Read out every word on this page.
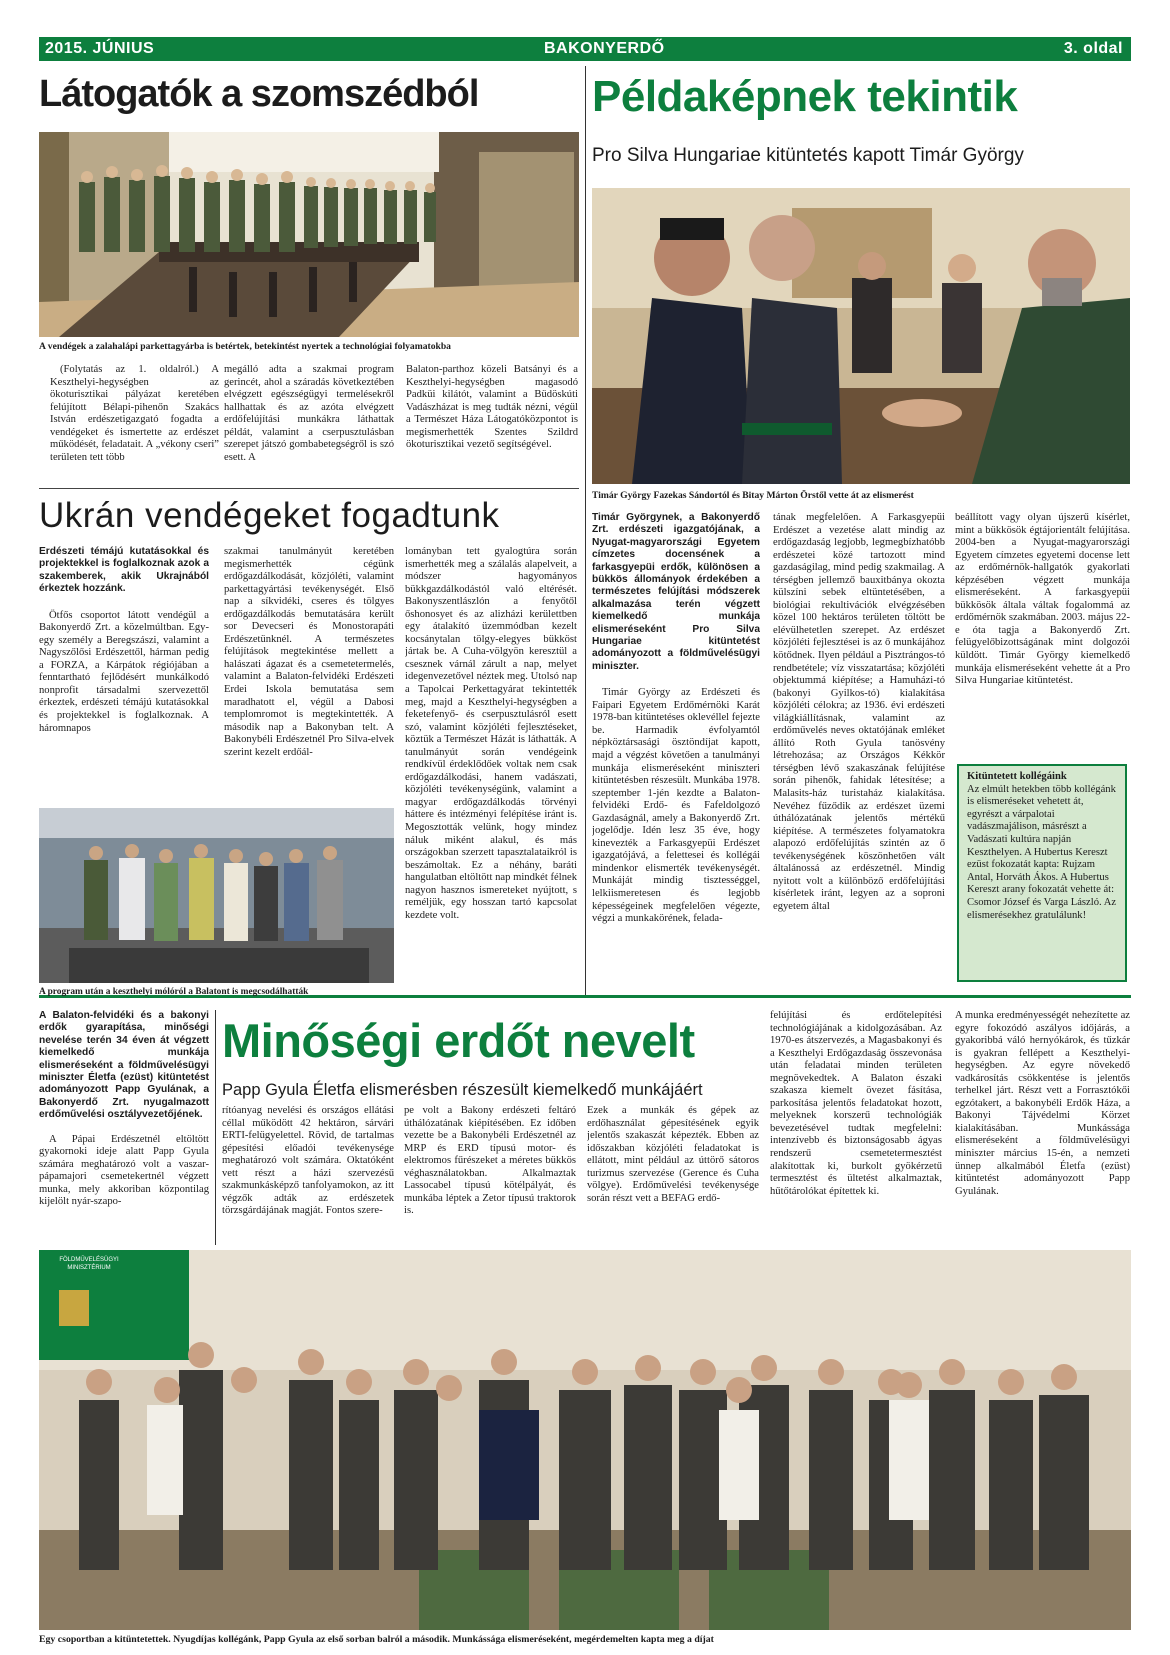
2015. JÚNIUS	BAKONYERDŐ	3. oldal
Látogatók a szomszédból
A vendégek a zalahalápi parkettagyárba is betértek, betekintést nyertek a technológiai folyamatokba
(Folytatás az 1. oldalról.) A Keszthelyi-hegységben az ökoturisztikai pályázat keretében felújított Bélapi-pihenőn Szakács István erdészetigazgató fogadta a vendégeket és ismertette az erdészet működését, feladatait. A „vékony cseri” területen tett több
megálló adta a szakmai program gerincét, ahol a száradás következtében elvégzett egészségügyi termelésekről hallhattak és az azóta elvégzett erdőfelújítási munkákra láthattak példát, valamint a cserpusztulásban szerepet játszó gombabetegségről is szó esett. A
Balaton-parthoz közeli Batsányi és a Keszthelyi-hegységben magasodó Padküi kilátót, valamint a Büdöskúti Vadászházat is meg tudták nézni, végül a Természet Háza Látogatóközpontot is megismerhették Szentes Szildrd ökoturisztikai vezető segítségével.
Ukrán vendégeket fogadtunk

Erdészeti témájú kutatásokkal és projektekkel is foglalkoznak azok a szakemberek, akik Ukrajnából érkeztek hozzánk.

Ötfős csoportot látott vendégül a Bakonyerdő Zrt. a közelmúltban. Egy-egy személy a Beregszászi, valamint a Nagyszőlősi Erdészettől, hárman pedig a FORZA, a Kárpátok régiójában a fenntartható fejlődésért munkálkodó nonprofit társadalmi szervezettől érkeztek, erdészeti témájú kutatásokkal és projektekkel is foglalkoznak. A háromnapos

szakmai tanulmányút keretében megismerhették cégünk erdőgazdálkodását, közjóléti, valamint parkettagyártási tevékenységét. Első nap a síkvidéki, cseres és tölgyes erdőgazdálkodás bemutatására került sor Devecseri és Monostorapáti Erdészetünknél. A természetes felújítások megtekintése mellett a halászati ágazat és a csemetetermelés, valamint a Balaton-felvidéki Erdészeti Erdei Iskola bemutatása sem maradhatott el, végül a Dabosi templomromot is megtekintették. A második nap a Bakonyban telt. A Bakonybéli Erdészetnél Pro Silva-elvek szerint kezelt erdőál-
lományban tett gyalogtúra során ismerhették meg a szálalás alapelveit, a módszer hagyományos bükkgazdálkodástól való eltérését. Bakonyszentlászlón a fenyőtől őshonosyet és az alizházi kerülettben egy átalakító üzemmódban kezelt kocsánytalan tölgy-elegyes bükköst jártak be. A Cuha-völgyön keresztül a csesznek várnál zárult a nap, melyet idegenvezetővel néztek meg. Utolsó nap a Tapolcai Perkettagyárat tekintették meg, majd a Keszthelyi-hegységben a feketefenyő- és cserpusztulásról esett szó, valamint közjóléti fejlesztéseket, köztük a Természet Házát is láthatták. A tanulmányút során vendégeink rendkívül érdeklődőek voltak nem csak erdőgazdálkodási, hanem vadászati, közjóléti tevékenységünk, valamint a magyar erdőgazdálkodás törvényi háttere és intézményi felépítése iránt is. Megosztották velünk, hogy mindez náluk miként alakul, és más országokban szerzett tapasztalataikról is beszámoltak. Ez a néhány, baráti hangulatban eltöltött nap mindkét félnek nagyon hasznos ismereteket nyújtott, s reméljük, egy hosszan tartó kapcsolat kezdete volt.
A program után a keszthelyi mólóról a Balatont is megcsodálhatták
Példaképnek tekintik
Pro Silva Hungariae kitüntetés kapott Timár György
Timár György Fazekas Sándortól és Bitay Márton Örstől vette át az elismerést

Timár Györgynek, a Bakonyerdő Zrt. erdészeti igazgatójának, a Nyugat-magyarországi Egyetem címzetes docensének a farkasgyepüi erdők, különösen a bükkös állományok érdekében a természetes felújítási módszerek alkalmazása terén végzett kiemelkedő munkája elismeréseként Pro Silva Hungariae kitüntetést adományozott a földművelésügyi miniszter.

Timár György az Erdészeti és Faipari Egyetem Erdőmérnöki Karát 1978-ban kitüntetéses oklevéllel fejezte be. Harmadik évfolyamtól népköztársasági ösztöndíjat kapott, majd a végzést követően a tanulmányi munkája elismeréseként miniszteri kitüntetésben részesült. Munkába 1978. szeptember 1-jén kezdte a Balaton-felvidéki Erdő- és Fafeldolgozó Gazdaságnál, amely a Bakonyerdő Zrt. jogelődje. Idén lesz 35 éve, hogy kinevezték a Farkasgyepüi Erdészet igazgatójává, a felettesei és kollégái mindenkor elismerték tevékenységét. Munkáját mindig tisztességgel, lelkiismeretesen és legjobb képességeinek megfelelően végezte, végzi a munkakörének, felada-

tának megfelelően. A Farkasgyepüi Erdészet a vezetése alatt mindig az erdőgazdaság legjobb, legmegbízhatóbb erdészetei közé tartozott mind gazdaságilag, mind pedig szakmailag. A térségben jellemző bauxitbánya okozta külszíni sebek eltüntetésében, a biológiai rekultivációk elvégzésében közel 100 hektáros területen töltött be elévülhetetlen szerepet. Az erdészet közjóléti fejlesztései is az ő munkájához kötődnek. Ilyen például a Pisztrángos-tó rendbetétele; víz visszatartása; közjóléti objektummá kiépítése; a Hamuházi-tó (bakonyi Gyilkos-tó) kialakítása közjóléti célokra; az 1936. évi erdészeti világkiállításnak, valamint az erdőművelés neves oktatójának emléket állító Roth Gyula tanösvény létrehozása; az Országos Kékkör térségben lévő szakaszának felújítése során pihenők, fahidak létesítése; a Malasits-ház turistaház kialakítása. Nevéhez fűződik az erdészet üzemi úthálózatának jelentős mértékű kiépítése. A természetes folyamatokra alapozó erdőfelújítás szintén az ő tevékenységének köszönhetően vált általánossá az erdészetnél. Mindig nyitott volt a különböző erdőfelújítási kísérletek iránt, legyen az a soproni egyetem által
beállított vagy olyan újszerű kísérlet, mint a bükkösök égtájorientált felújítása. 2004-ben a Nyugat-magyarországi Egyetem címzetes egyetemi docense lett az erdőmérnök-hallgatók gyakorlati képzésében végzett munkája elismeréseként. A farkasgyepüi bükkösök általa váltak fogalommá az erdőmérnök szakmában. 2003. május 22-e óta tagja a Bakonyerdő Zrt. felügyelőbizottságának mint dolgozói küldött. Timár György kiemelkedő munkája elismeréseként vehette át a Pro Silva Hungariae kitüntetést.
Kitüntetett kollégáink
Az elmúlt hetekben több kollégánk is elismeréseket vehetett át, egyrészt a várpalotai vadászmajálison, másrészt a Vadászati kultúra napján Keszthelyen. A Hubertus Kereszt ezüst fokozatát kapta: Rujzam Antal, Horváth Ákos. A Hubertus Kereszt arany fokozatát vehette át: Csomor József és Varga László. Az elismerésekhez gratulálunk!

A Balaton-felvidéki és a bakonyi erdők gyarapítása, minőségi nevelése terén 34 éven át végzett kiemelkedő munkája elismeréseként a földművelésügyi miniszter Életfa (ezüst) kitüntetést adományozott Papp Gyulának, a Bakonyerdő Zrt. nyugalmazott erdőművelési osztályvezetőjének.

A Pápai Erdészetnél eltöltött gyakornoki ideje alatt Papp Gyula számára meghatározó volt a vaszar-pápamajori csemetekertnél végzett munka, mely akkoriban központilag kijelölt nyár-szapo-

Minőségi erdőt nevelt
Papp Gyula Életfa elismerésben részesült kiemelkedő munkájáért
rítóanyag nevelési és országos ellátási céllal működött 42 hektáron, sárvári ERTI-felügyelettel. Rövid, de tartalmas gépesítési előadói tevékenysége meghatározó volt számára. Oktatóként vett részt a házi szervezésű szakmunkásképző tanfolyamokon, az itt végzők adták az erdészetek törzsgárdájának magját. Fontos szere-
pe volt a Bakony erdészeti feltáró úthálózatának kiépítésében. Ez időben vezette be a Bakonybéli Erdészetnél az MRP és ERD típusú motor- és elektromos fűrészeket a méretes bükkös véghasználatokban. Alkalmaztak Lassocabel típusú kötélpályát, és munkába léptek a Zetor típusú traktorok is.
Ezek a munkák és gépek az erdőhasználat gépesítésének egyik jelentős szakaszát képezték. Ebben az időszakban közjóléti feladatokat is ellátott, mint például az úttörő sátoros turizmus szervezése (Gerence és Cuha völgye). Erdőművelési tevékenysége során részt vett a BEFAG erdő-
felújítási és erdőtelepítési technológiájának a kidolgozásában. Az 1970-es átszervezés, a Magasbakonyi és a Keszthelyi Erdőgazdaság összevonása után feladatai minden területen megnövekedtek. A Balaton északi szakasza kiemelt övezet fásítása, parkosítása jelentős feladatokat hozott, melyeknek korszerű technológiák bevezetésével tudtak megfelelni: intenzívebb és biztonságosabb ágyas rendszerű csemetetermesztést alakítottak ki, burkolt gyökérzetű termesztést és ültetést alkalmaztak, hűtőtárolókat építettek ki.
A munka eredményességét nehezítette az egyre fokozódó aszályos időjárás, a gyakoribbá váló hernyókárok, és tűzkár is gyakran fellépett a Keszthelyi-hegységben. Az egyre növekedő vadkárosítás csökkentése is jelentős terhelkel járt. Részt vett a Forrasztókői egzótakert, a bakonybéli Erdők Háza, a Bakonyi Tájvédelmi Körzet kialakításában. Munkássága elismeréseként a földművelésügyi miniszter március 15-én, a nemzeti ünnep alkalmából Életfa (ezüst) kitüntetést adományozott Papp Gyulának.
FÖLDMŰVELÉSÜGYI MINISZTÉRIUM
Egy csoportban a kitüntetettek. Nyugdíjas kollégánk, Papp Gyula az első sorban balról a második. Munkássága elismeréseként, megérdemelten kapta meg a díjat
